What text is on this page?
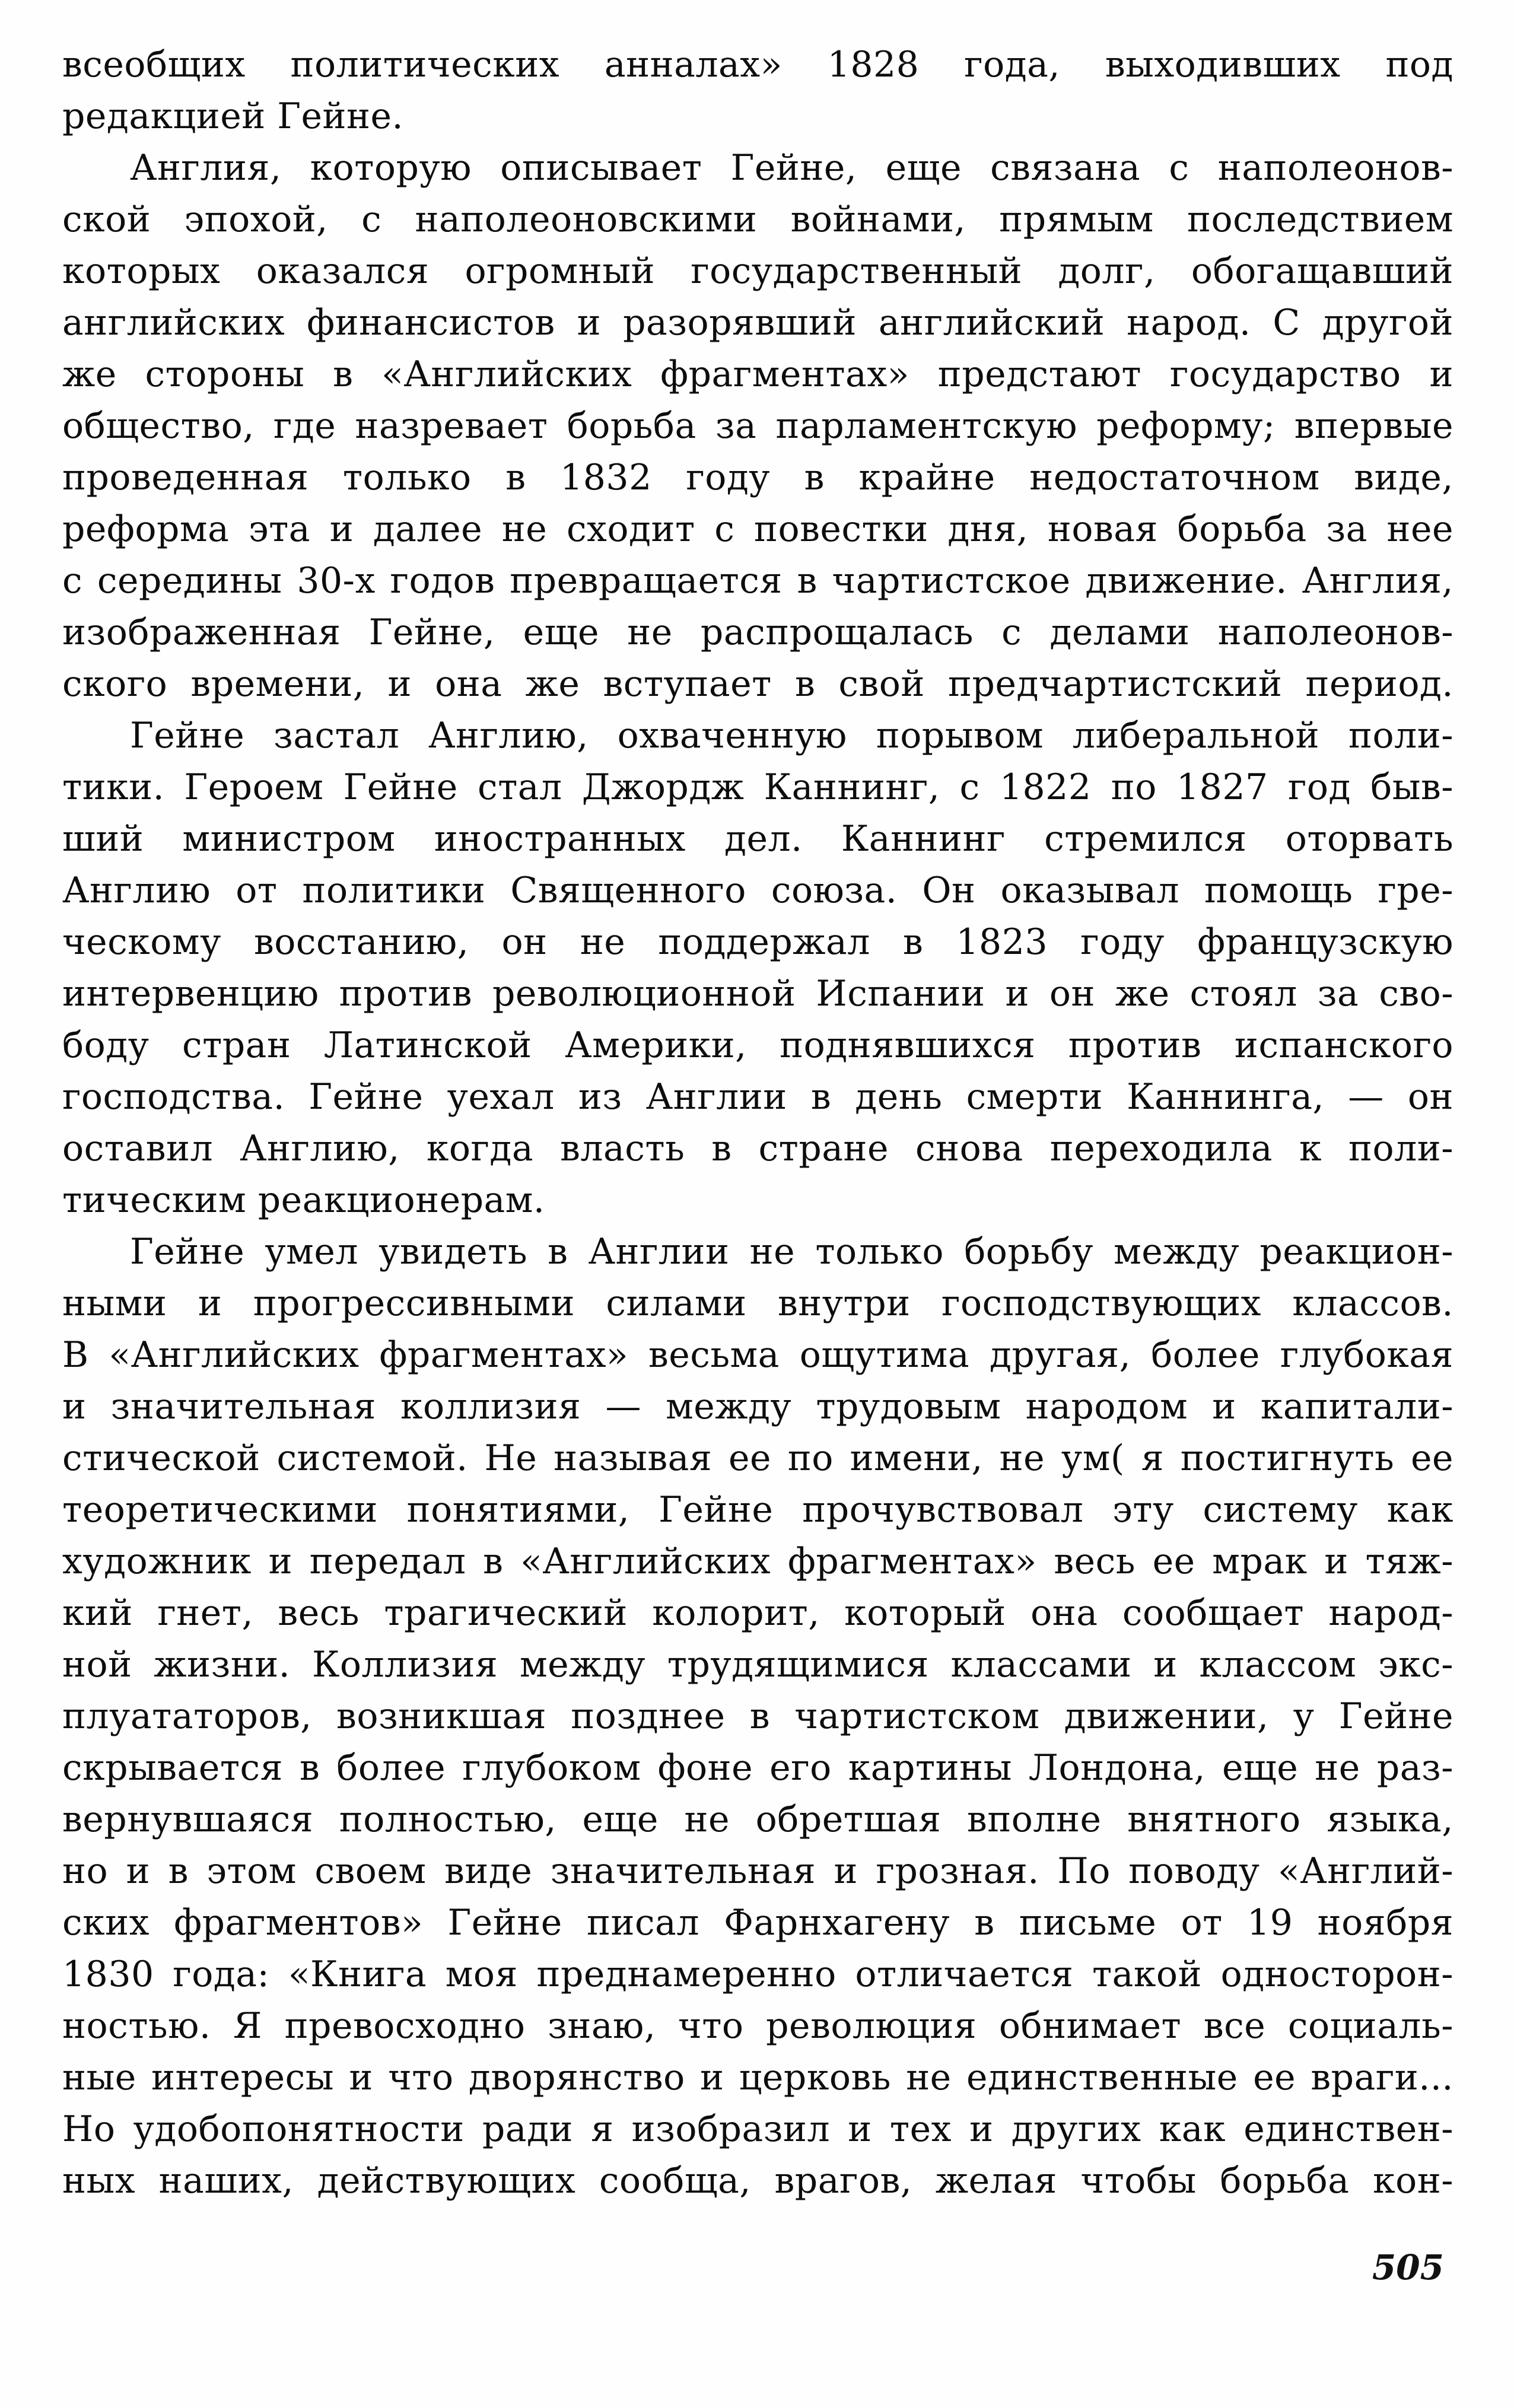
всеобщих политических анналах» 1828 года, выходивших под
редакцией Гейне.
Англия, которую описывает Гейне, еще связана с наполеонов-
ской эпохой, с наполеоновскими войнами, прямым последствием
которых оказался огромный государственный долг, обогащавший
английских финансистов и разорявший английский народ. С другой
же стороны в «Английских фрагментах» предстают государство и
общество, где назревает борьба за парламентскую реформу; впервые
проведенная только в 1832 году в крайне недостаточном виде,
реформа эта и далее не сходит с повестки дня, новая борьба за нее
с середины 30-х годов превращается в чартистское движение. Англия,
изображенная Гейне, еще не распрощалась с делами наполеонов-
ского времени, и она же вступает в свой предчартистский период.
Гейне застал Англию, охваченную порывом либеральной поли-
тики. Героем Гейне стал Джордж Каннинг, с 1822 по 1827 год быв-
ший министром иностранных дел. Каннинг стремился оторвать
Англию от политики Священного союза. Он оказывал помощь гре-
ческому восстанию, он не поддержал в 1823 году французскую
интервенцию против революционной Испании и он же стоял за сво-
боду стран Латинской Америки, поднявшихся против испанского
господства. Гейне уехал из Англии в день смерти Каннинга, — он
оставил Англию, когда власть в стране снова переходила к поли-
тическим реакционерам.
Гейне умел увидеть в Англии не только борьбу между реакцион-
ными и прогрессивными силами внутри господствующих классов.
В «Английских фрагментах» весьма ощутима другая, более глубокая
и значительная коллизия — между трудовым народом и капитали-
стической системой. Не называя ее по имени, не ум( я постигнуть ее
теоретическими понятиями, Гейне прочувствовал эту систему как
художник и передал в «Английских фрагментах» весь ее мрак и тяж-
кий гнет, весь трагический колорит, который она сообщает народ-
ной жизни. Коллизия между трудящимися классами и классом экс-
плуататоров, возникшая позднее в чартистском движении, у Гейне
скрывается в более глубоком фоне его картины Лондона, еще не раз-
вернувшаяся полностью, еще не обретшая вполне внятного языка,
но и в этом своем виде значительная и грозная. По поводу «Англий-
ских фрагментов» Гейне писал Фарнхагену в письме от 19 ноября
1830 года: «Книга моя преднамеренно отличается такой односторон-
ностью. Я превосходно знаю, что революция обнимает все социаль-
ные интересы и что дворянство и церковь не единственные ее враги...
Но удобопонятности ради я изобразил и тех и других как единствен-
ных наших, действующих сообща, врагов, желая чтобы борьба кон-
505
